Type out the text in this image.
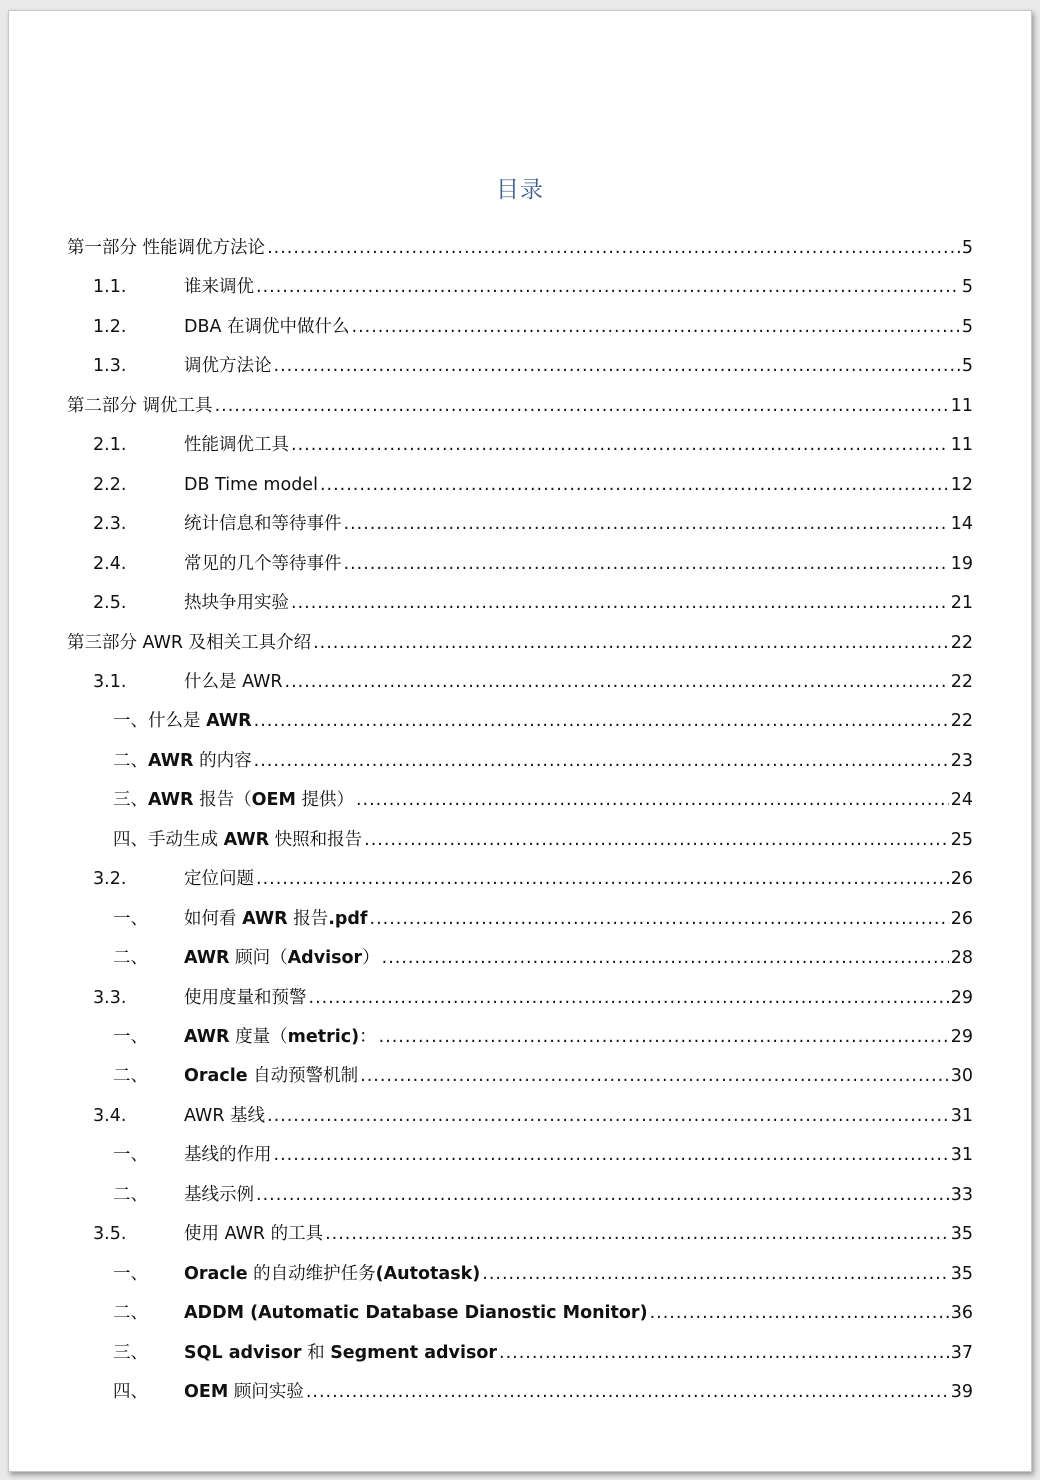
目录
第一部分 性能调优方法论 .....	5
1.1.	谁来调优 .....	5
1.2.	DBA 在调优中做什么 .....	5
1.3.	调优方法论 .....	5
第二部分 调优工具 .....	11
2.1.	性能调优工具 .....	11
2.2.	DB Time model .....	12
2.3.	统计信息和等待事件 .....	14
2.4.	常见的几个等待事件 .....	19
2.5.	热块争用实验 .....	21
第三部分 AWR 及相关工具介绍 .....	22
3.1.	什么是 AWR .....	22
一、 什么是 AWR .....	22
二、 AWR 的内容 .....	23
三、 AWR 报告（OEM 提供） .....	24
四、 手动生成 AWR 快照和报告 .....	25
3.2.	定位问题 .....	26
一、	如何看 AWR 报告.pdf .....	26
二、	AWR 顾问（Advisor） .....	28
3.3.	使用度量和预警 .....	29
一、	AWR 度量（metric)： .....	29
二、	Oracle 自动预警机制 .....	30
3.4.	AWR 基线 .....	31
一、	基线的作用 .....	31
二、	基线示例 .....	33
3.5.	使用 AWR 的工具 .....	35
一、	Oracle 的自动维护任务(Autotask) .....	35
二、	ADDM (Automatic Database Dianostic Monitor) .....	36
三、	SQL advisor 和 Segment advisor .....	37
四、	OEM 顾问实验 .....	39
